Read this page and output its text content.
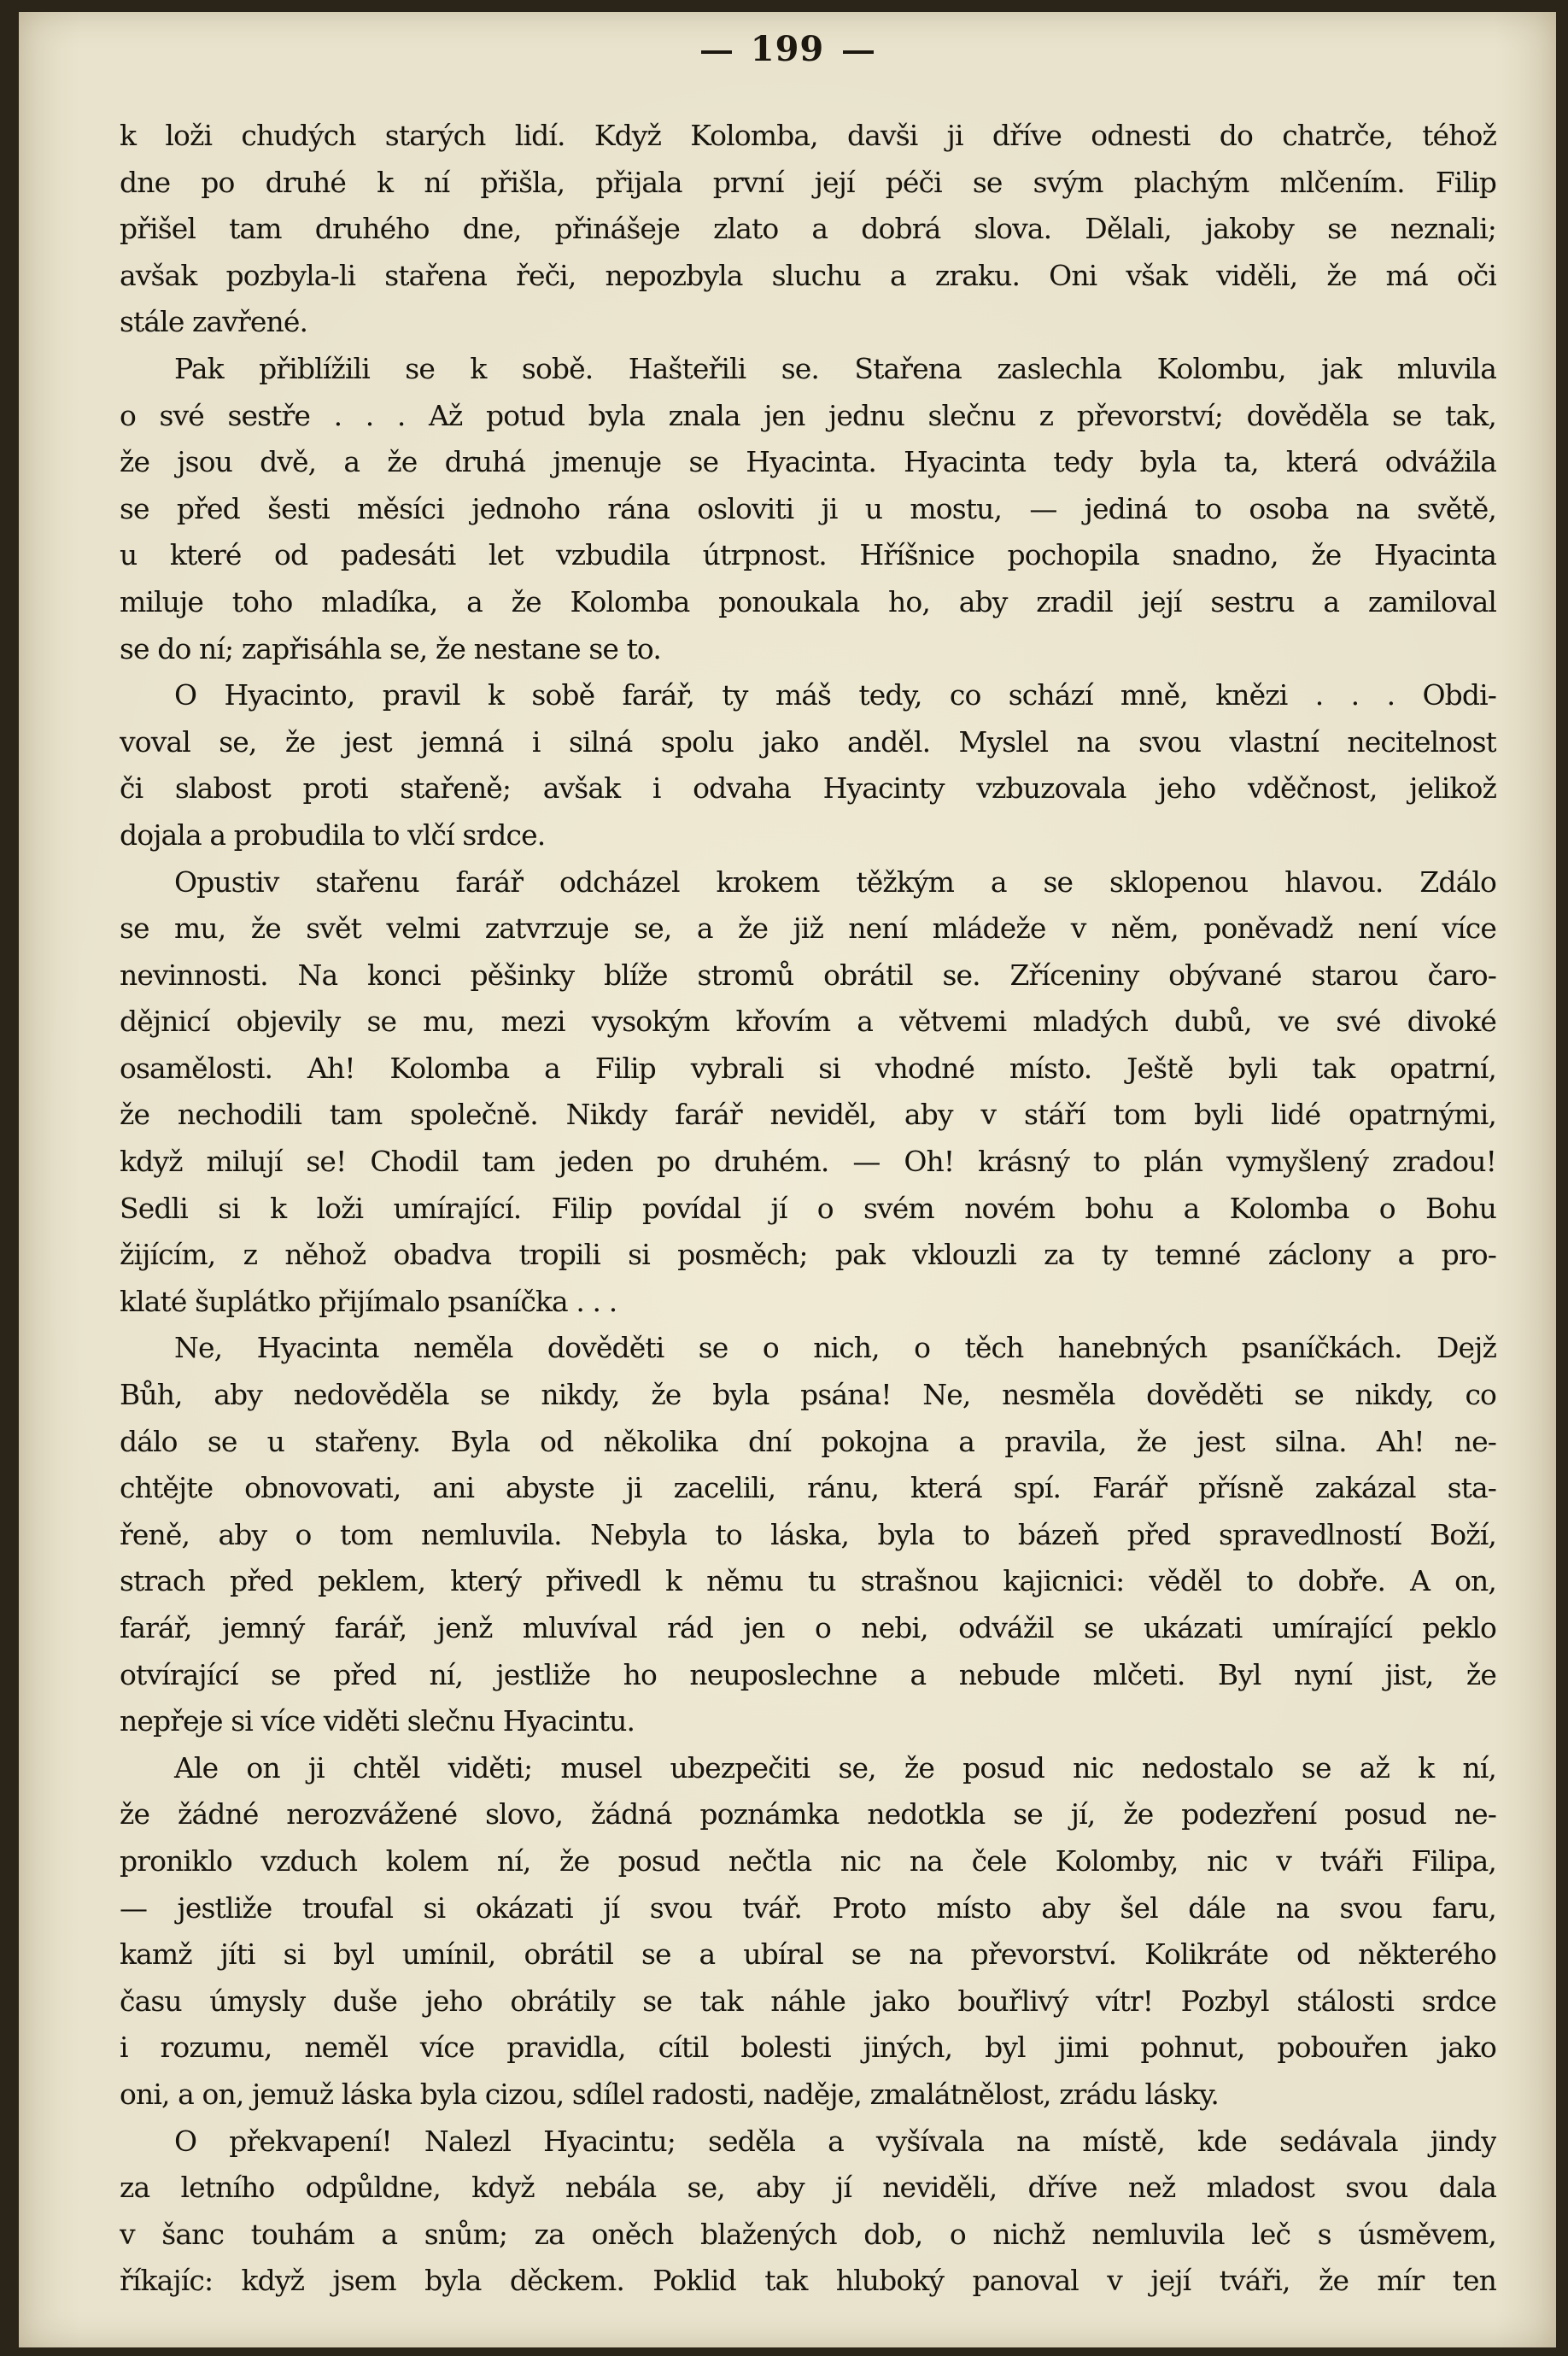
199
k loži chudých starých lidí. Když Kolomba, davši ji dříve odnesti do chatrče, téhož
dne po druhé k ní přišla, přijala první její péči se svým plachým mlčením. Filip
přišel tam druhého dne, přinášeje zlato a dobrá slova. Dělali, jakoby se neznali;
avšak pozbyla-li stařena řeči, nepozbyla sluchu a zraku. Oni však viděli, že má oči
stále zavřené.
Pak přiblížili se k sobě. Hašteřili se. Stařena zaslechla Kolombu, jak mluvila
o své sestře . . . Až potud byla znala jen jednu slečnu z převorství; dověděla se tak,
že jsou dvě, a že druhá jmenuje se Hyacinta. Hyacinta tedy byla ta, která odvážila
se před šesti měsíci jednoho rána osloviti ji u mostu, — jediná to osoba na světě,
u které od padesáti let vzbudila útrpnost. Hříšnice pochopila snadno, že Hyacinta
miluje toho mladíka, a že Kolomba ponoukala ho, aby zradil její sestru a zamiloval
se do ní; zapřisáhla se, že nestane se to.
O Hyacinto, pravil k sobě farář, ty máš tedy, co schází mně, knězi . . . Obdi-
voval se, že jest jemná i silná spolu jako anděl. Myslel na svou vlastní necitelnost
či slabost proti stařeně; avšak i odvaha Hyacinty vzbuzovala jeho vděčnost, jelikož
dojala a probudila to vlčí srdce.
Opustiv stařenu farář odcházel krokem těžkým a se sklopenou hlavou. Zdálo
se mu, že svět velmi zatvrzuje se, a že již není mládeže v něm, poněvadž není více
nevinnosti. Na konci pěšinky blíže stromů obrátil se. Zříceniny obývané starou čaro-
dějnicí objevily se mu, mezi vysokým křovím a větvemi mladých dubů, ve své divoké
osamělosti. Ah! Kolomba a Filip vybrali si vhodné místo. Ještě byli tak opatrní,
že nechodili tam společně. Nikdy farář neviděl, aby v stáří tom byli lidé opatrnými,
když milují se! Chodil tam jeden po druhém. — Oh! krásný to plán vymyšlený zradou!
Sedli si k loži umírající. Filip povídal jí o svém novém bohu a Kolomba o Bohu
žijícím, z něhož obadva tropili si posměch; pak vklouzli za ty temné záclony a pro-
klaté šuplátko přijímalo psaníčka . . .
Ne, Hyacinta neměla dověděti se o nich, o těch hanebných psaníčkách. Dejž
Bůh, aby nedověděla se nikdy, že byla psána! Ne, nesměla dověděti se nikdy, co
dálo se u stařeny. Byla od několika dní pokojna a pravila, že jest silna. Ah! ne-
chtějte obnovovati, ani abyste ji zacelili, ránu, která spí. Farář přísně zakázal sta-
řeně, aby o tom nemluvila. Nebyla to láska, byla to bázeň před spravedlností Boží,
strach před peklem, který přivedl k němu tu strašnou kajicnici: věděl to dobře. A on,
farář, jemný farář, jenž mluvíval rád jen o nebi, odvážil se ukázati umírající peklo
otvírající se před ní, jestliže ho neuposlechne a nebude mlčeti. Byl nyní jist, že
nepřeje si více viděti slečnu Hyacintu.
Ale on ji chtěl viděti; musel ubezpečiti se, že posud nic nedostalo se až k ní,
že žádné nerozvážené slovo, žádná poznámka nedotkla se jí, že podezření posud ne-
proniklo vzduch kolem ní, že posud nečtla nic na čele Kolomby, nic v tváři Filipa,
— jestliže troufal si okázati jí svou tvář. Proto místo aby šel dále na svou faru,
kamž jíti si byl umínil, obrátil se a ubíral se na převorství. Kolikráte od některého
času úmysly duše jeho obrátily se tak náhle jako bouřlivý vítr! Pozbyl stálosti srdce
i rozumu, neměl více pravidla, cítil bolesti jiných, byl jimi pohnut, pobouřen jako
oni, a on, jemuž láska byla cizou, sdílel radosti, naděje, zmalátnělost, zrádu lásky.
O překvapení! Nalezl Hyacintu; seděla a vyšívala na místě, kde sedávala jindy
za letního odpůldne, když nebála se, aby jí neviděli, dříve než mladost svou dala
v šanc touhám a snům; za oněch blažených dob, o nichž nemluvila leč s úsměvem,
říkajíc: když jsem byla děckem. Poklid tak hluboký panoval v její tváři, že mír ten
